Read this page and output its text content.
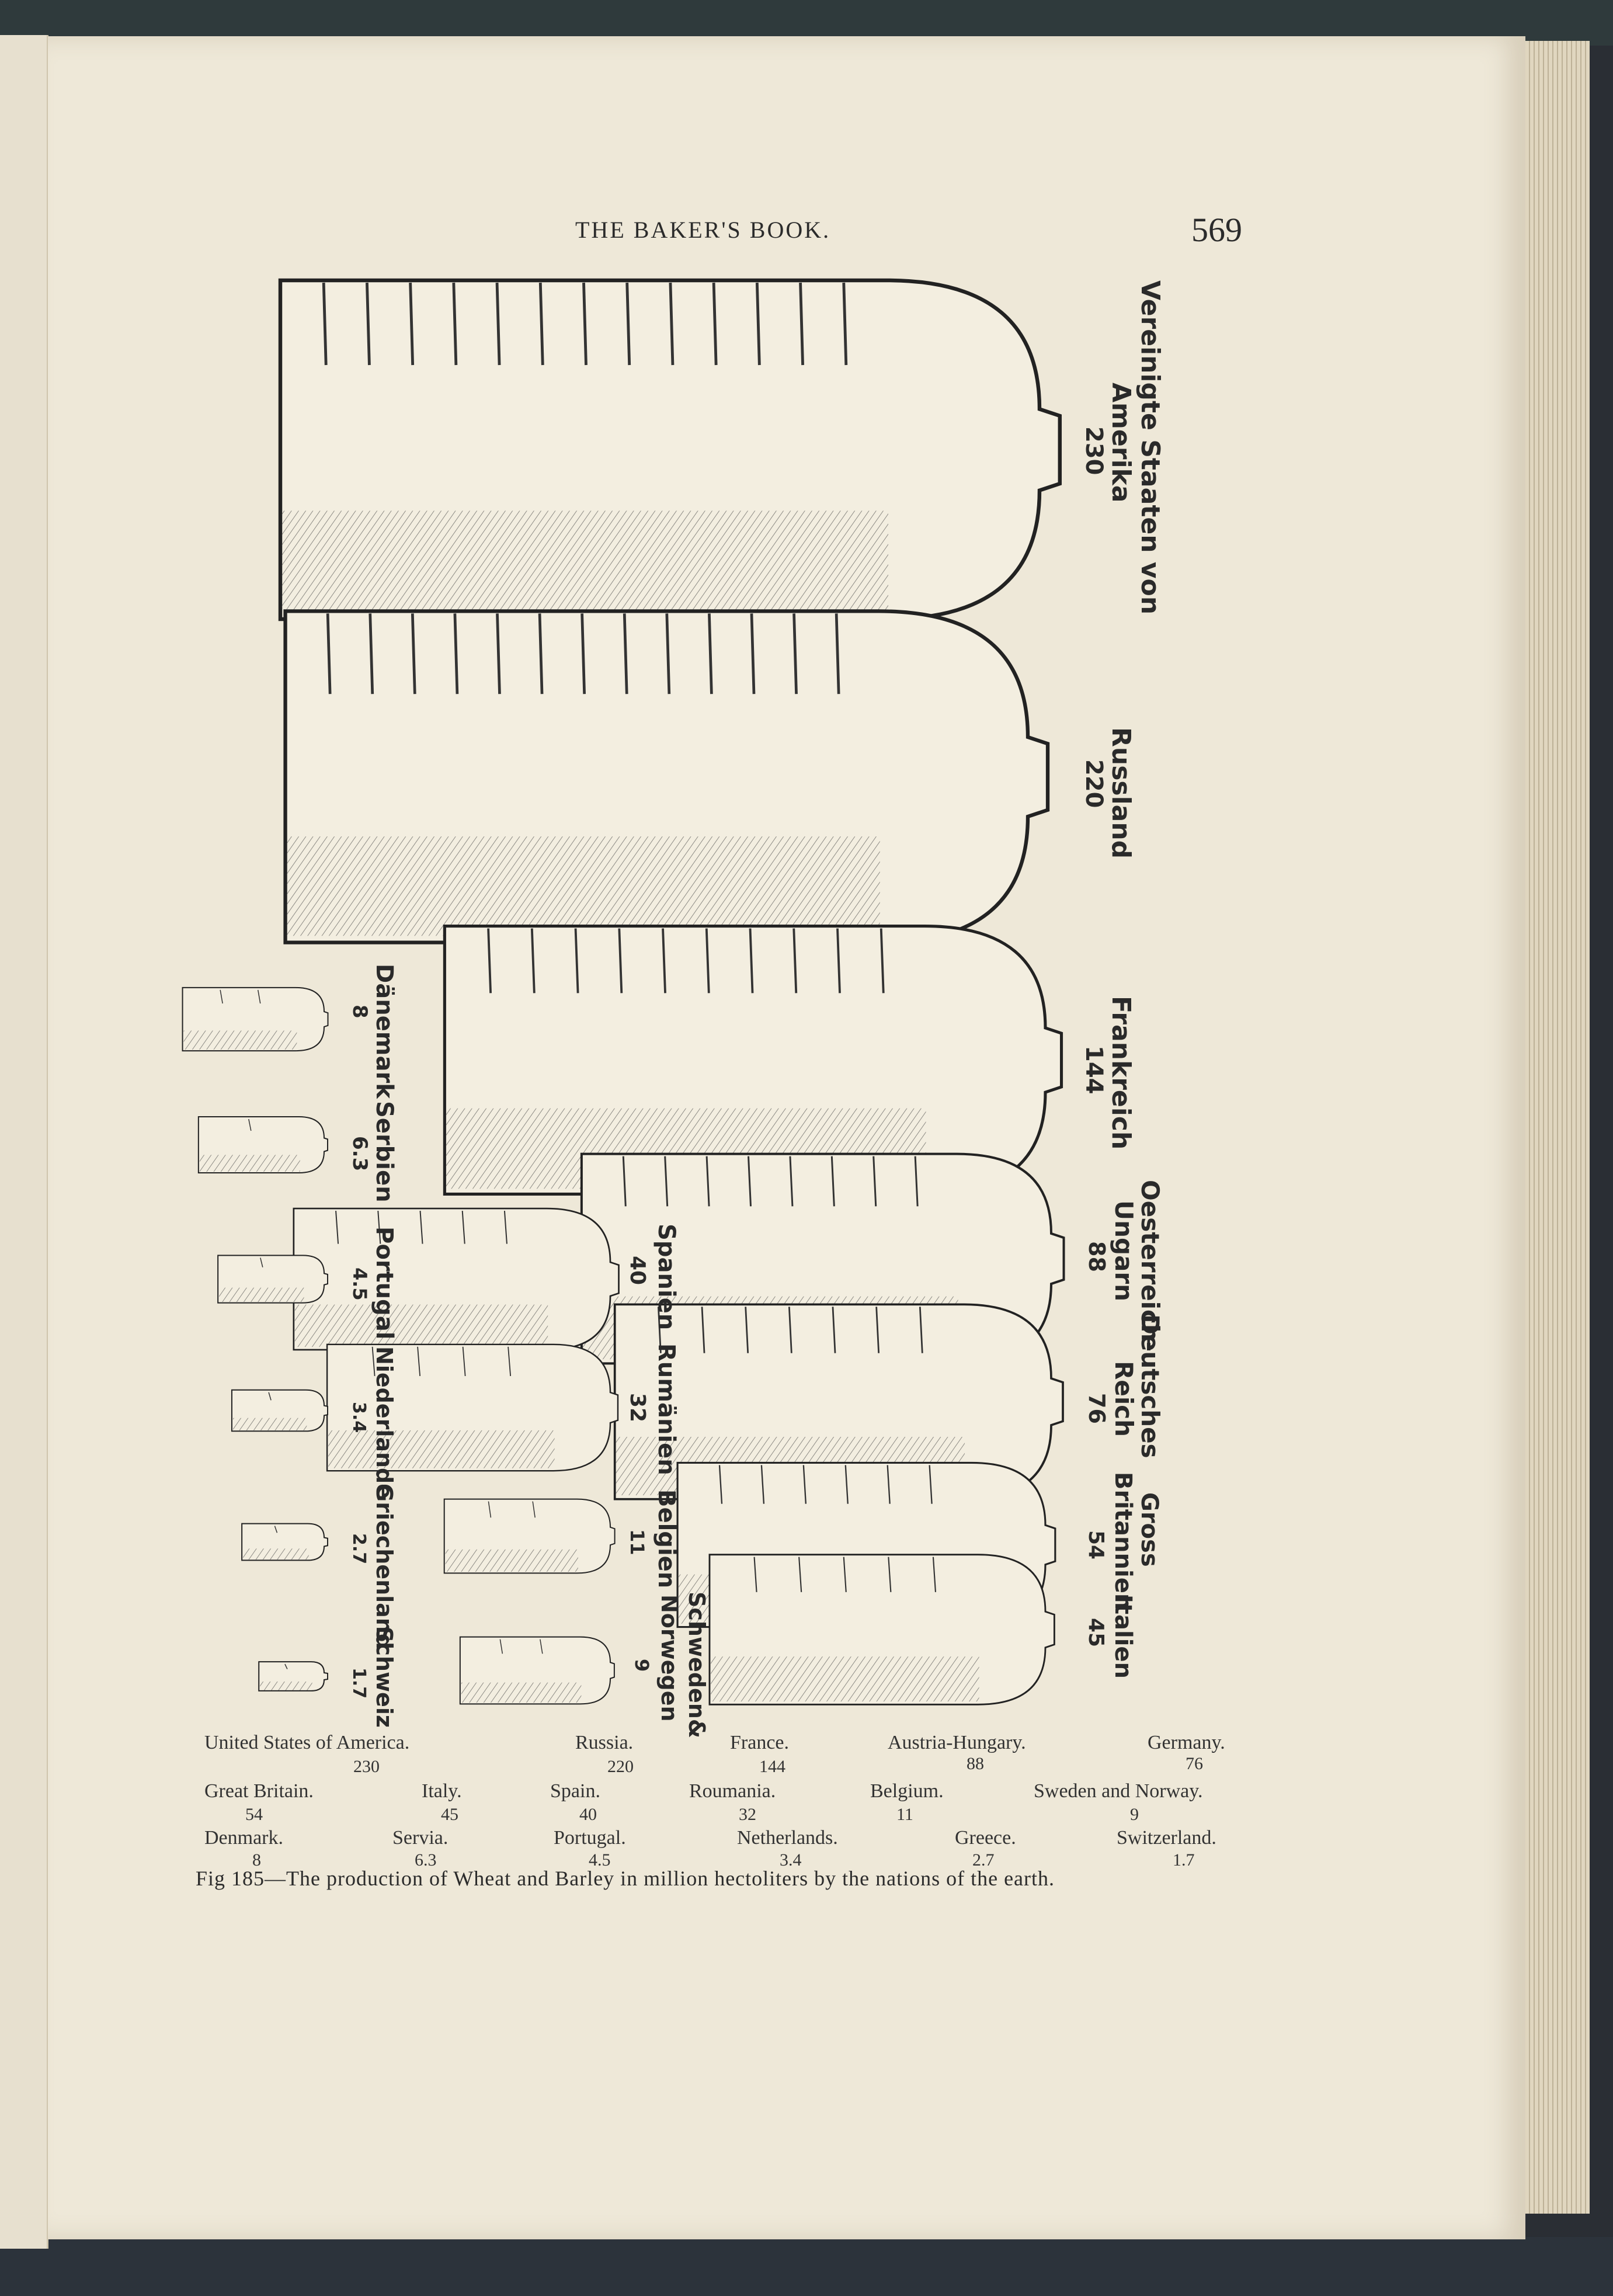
THE BAKER'S BOOK.	569
230
220
144
88
76
54
45
40
32
11
9
8
6.3
4.5
3.4
2.7
1.7
Vereinigte Staaten von
Amerika
Russland
Frankreich
Oesterreich-
Ungarn
Deutsches
Reich
Gross
Britannien
Italien
Spanien
Rumänien
Belgien
Schweden&
Norwegen
Dänemark
Serbien
Portugal
Niederlande
Griechenland
Schweiz
United States of America.
230
Russia.
220
France.
144
Austria-Hungary.
88
Germany.
76
Great Britain.
54
Italy.
45
Spain.
40
Roumania.
32
Belgium.
11
Sweden and Norway.
9
Denmark.
8
Servia.
6.3
Portugal.
4.5
Netherlands.
3.4
Greece.
2.7
Switzerland.
1.7
Fig 185—The production of Wheat and Barley in million hectoliters by the nations of the earth.
